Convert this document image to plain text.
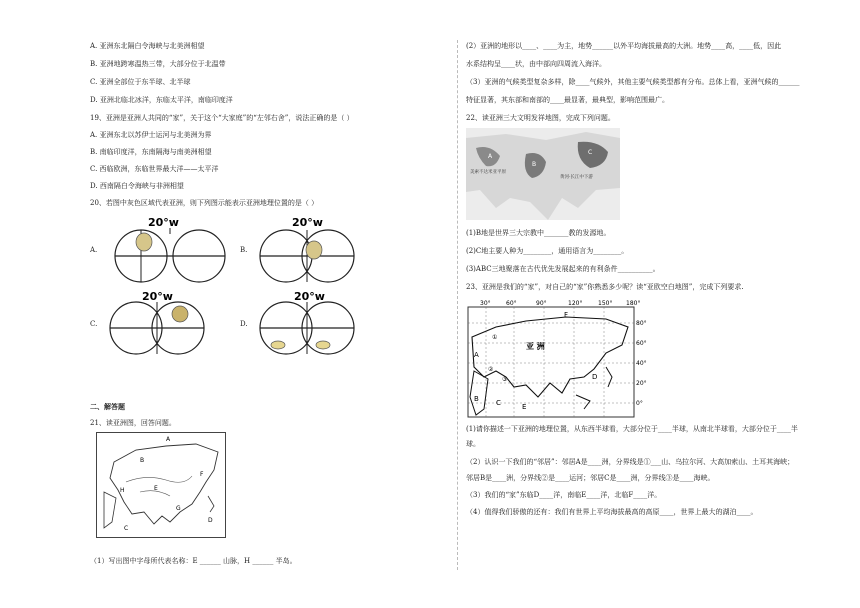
A. 亚洲东北隔白令海峡与北美洲相望
B. 亚洲地跨寒温热三带，大部分位于北温带
C. 亚洲全部位于东半球、北半球
D. 亚洲北临北冰洋，东临太平洋，南临印度洋
19、亚洲是亚洲人共同的“家”，关于这个“大家庭”的“左邻右舍”，说法正确的是（ ）
A. 亚洲东北以苏伊士运河与北美洲为界
B. 南临印度洋，东南隔海与南美洲相望
C. 西临欧洲，东临世界最大洋——太平洋
D. 西南隔白令海峡与非洲相望
20、若图中灰色区域代表亚洲，则下列图示能表示亚洲地理位置的是（ ）
A.
20°w
B.
20°w
C.
20°w
D.
20°w
二、解答题
21、读亚洲图，回答问题。
A
B
C
D
E
F
G
H
（1）写出图中字母所代表名称：E ______ 山脉，H ______ 半岛。
(2）亚洲的地形以____、____为主，地势______以外平均海拔最高的大洲。地势____高，____低，因此
水系结构呈____状，由中部向四周流入海洋。
（3）亚洲的气候类型复杂多样，除____气候外，其他主要气候类型都有分布。总体上看，亚洲气候的______
特征显著，其东部和南部的____最显著，最典型，影响范围最广。
22、读亚洲三大文明发祥地图，完成下列问题。
A
B
C
美索不达米亚平原
黄河·长江中下游
(1)B地是世界三大宗教中_______教的发源地。
(2)C地主要人种为________，通用语言为________。
(3)ABC三地聚落在古代优先发展起来的有利条件__________。
23、亚洲是我们的“家”，对自己的“家”你熟悉多少呢？读“亚欧空白地图”，完成下列要求.
30°	60°	90°	120°	150° 180°
80°
60°
40°
20°
0°
A
B C
D
E
F
亚 洲
①
②
③
(1)请你描述一下亚洲的地理位置，从东西半球看，大部分位于____半球，从南北半球看，大部分位于____半
球。
（2）认识一下我们的“邻居”：邻居A是____洲，分界线是①___山、乌拉尔河、大高加索山、土耳其海峡；
邻居B是____洲，分界线②是____运河；邻居C是____洲，分界线③是____海峡。
（3）我们的“家”东临D____洋，南临E____洋，北临F____洋。
（4）值得我们骄傲的还有：我们有世界上平均海拔最高的高原____，世界上最大的湖泊____。
